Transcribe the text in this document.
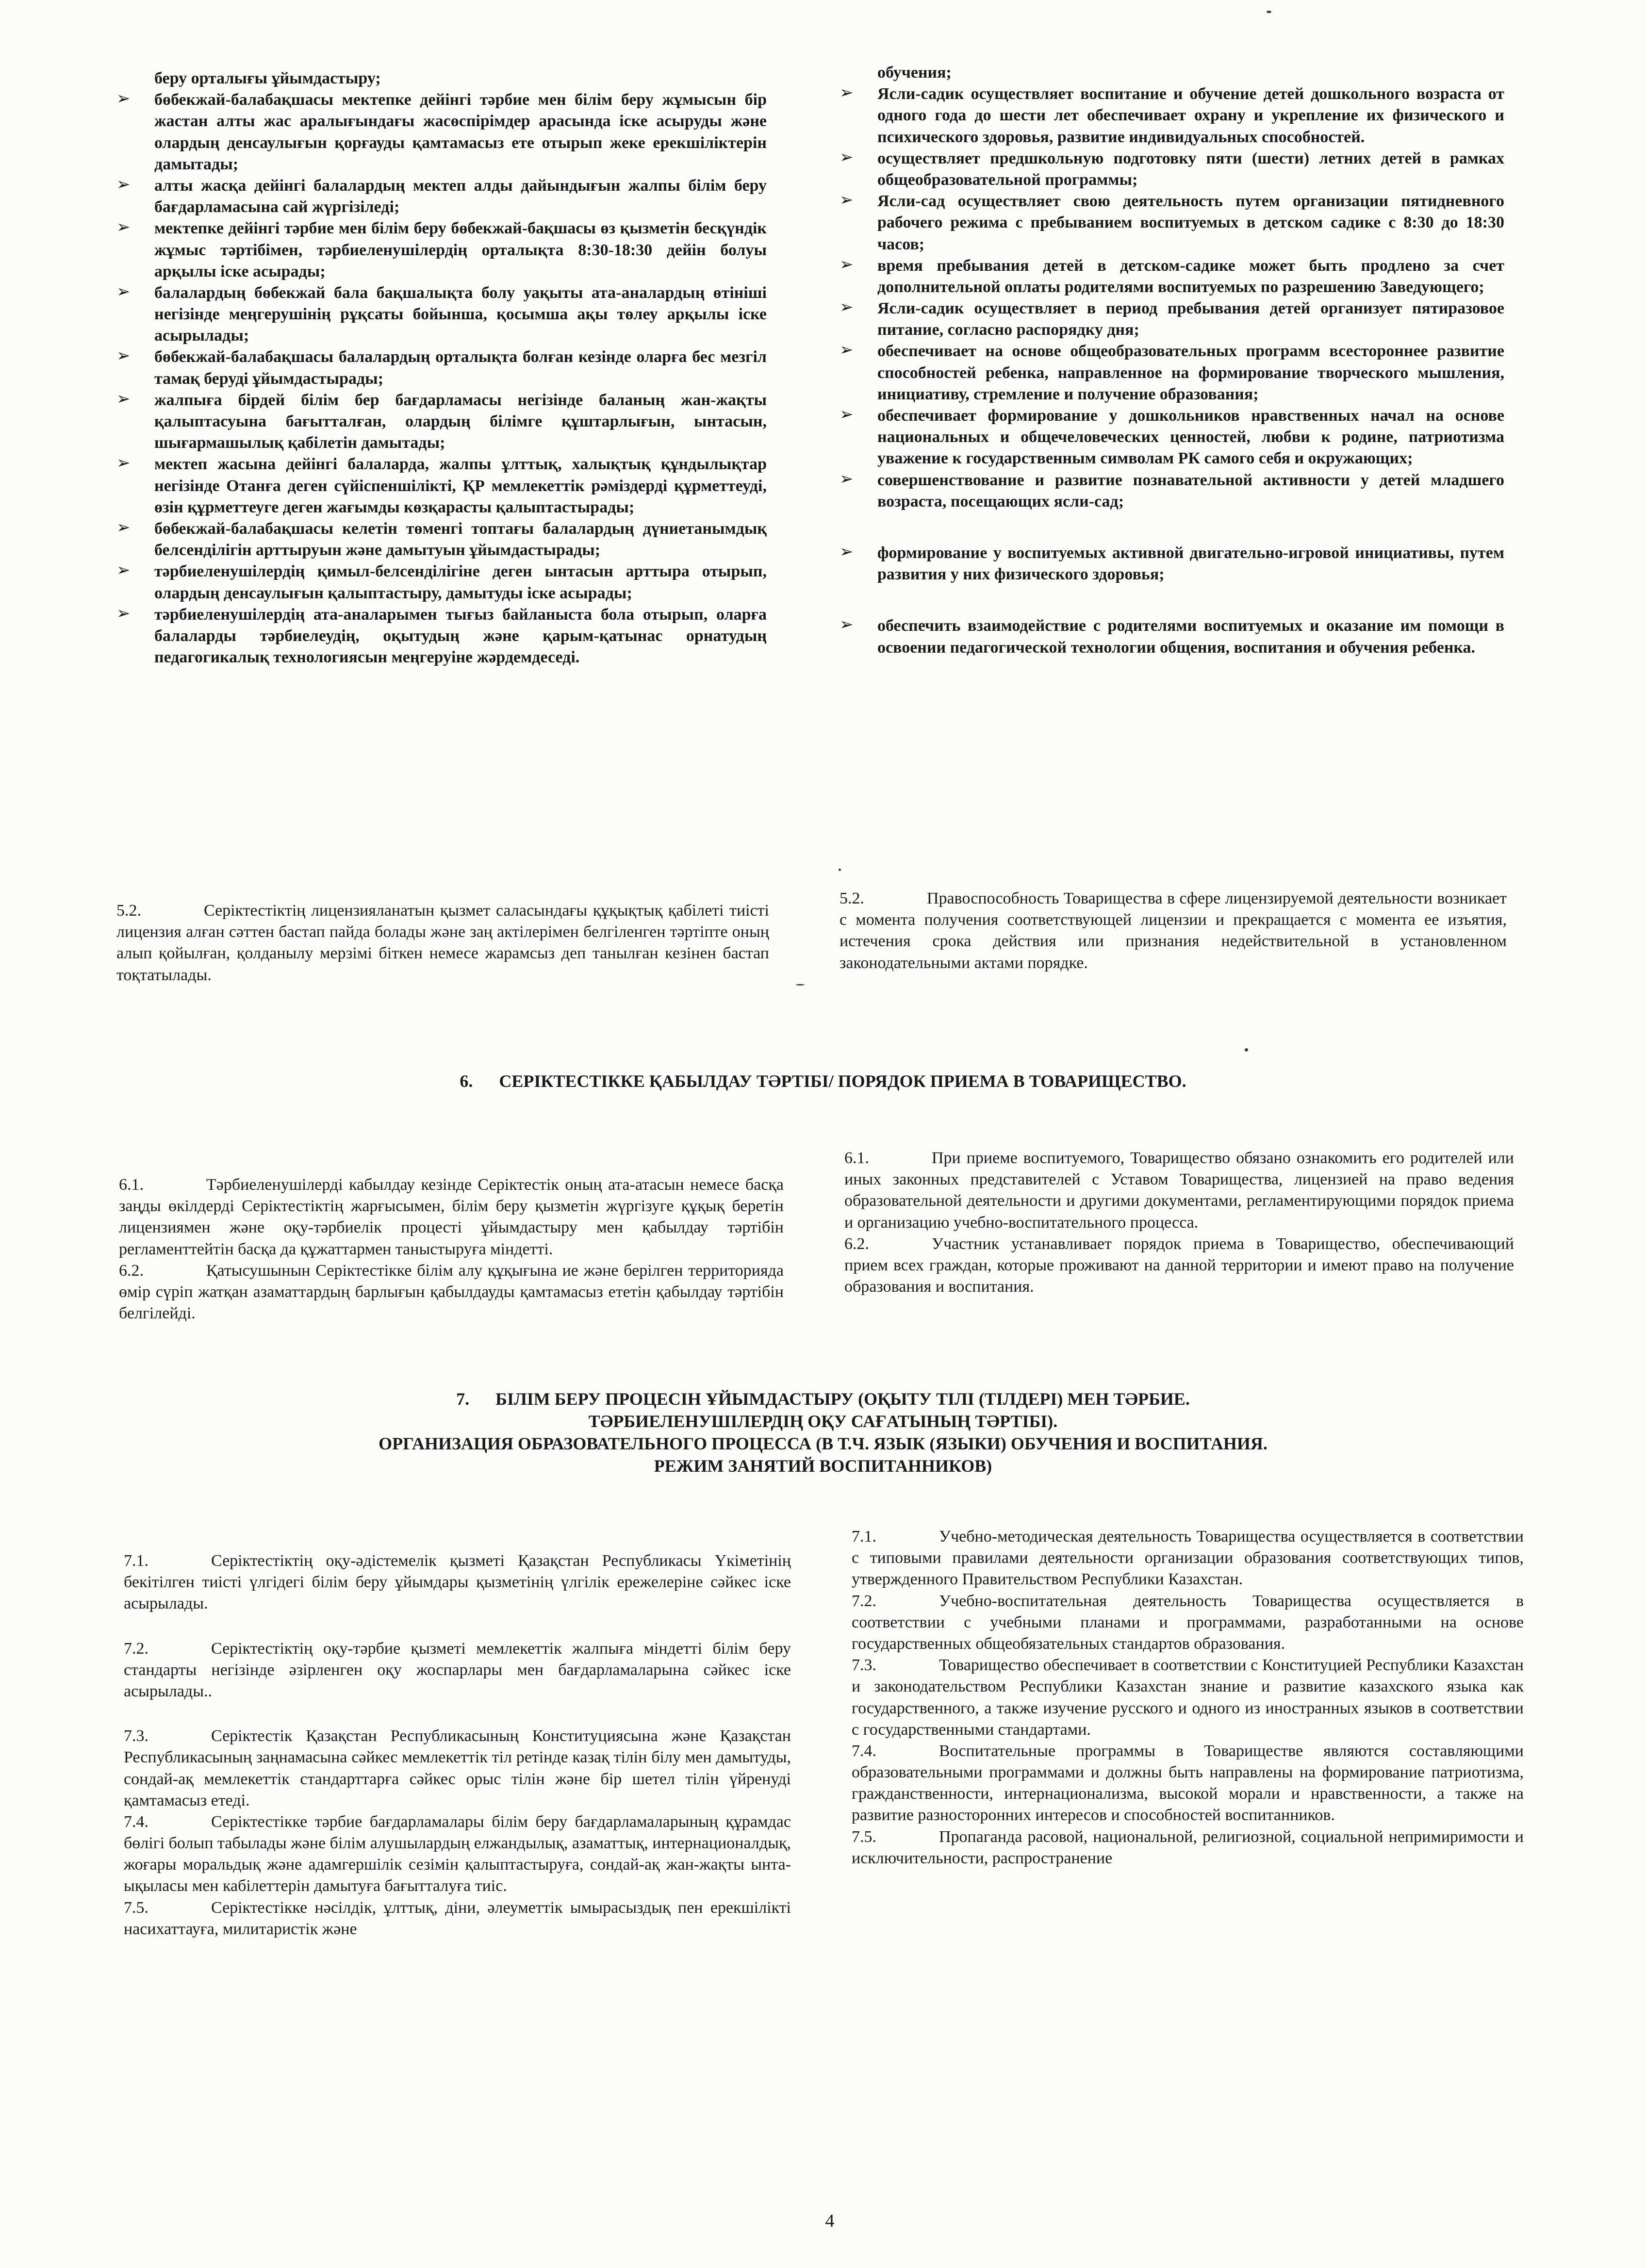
беру орталығы ұйымдастыру;
➢ бөбекжай-балабақшасы мектепке дейінгі тәрбие мен білім беру жұмысын бір жастан алты жас аралығындағы жасөспірімдер арасында іске асыруды және олардың денсаулығын қорғауды қамтамасыз ете отырып жеке ерекшіліктерін дамытады;
➢ алты жасқа дейінгі балалардың мектеп алды дайындығын жалпы білім беру бағдарламасына сай жүргізіледі;
➢ мектепке дейінгі тәрбие мен білім беру бөбекжай-бақшасы өз қызметін бесқүндік жұмыс тәртібімен, тәрбиеленушілердің орталықта 8:30-18:30 дейін болуы арқылы іске асырады;
➢ балалардың бөбекжай бала бақшалықта болу уақыты ата-аналардың өтініші негізінде меңгерушінің рұқсаты бойынша, қосымша ақы төлеу арқылы іске асырылады;
➢ бөбекжай-балабақшасы балалардың орталықта болған кезінде оларға бес мезгіл тамақ беруді ұйымдастырады;
➢ жалпыға бірдей білім бер бағдарламасы негізінде баланың жан-жақты қалыптасуына бағытталған, олардың білімге құштарлығын, ынтасын, шығармашылық қабілетін дамытады;
➢ мектеп жасына дейінгі балаларда, жалпы ұлттық, халықтық құндылықтар негізінде Отанға деген сүйіспеншілікті, ҚР мемлекеттік рәміздерді құрметтеуді, өзін құрметтеуге деген жағымды көзқарасты қалыптастырады;
➢ бөбекжай-балабақшасы келетін төменгі топтағы балалардың дүниетанымдық белсенділігін арттыруын және дамытуын ұйымдастырады;
➢ тәрбиеленушілердің қимыл-белсенділігіне деген ынтасын арттыра отырып, олардың денсаулығын қалыптастыру, дамытуды іске асырады;
➢ тәрбиеленушілердің ата-аналарымен тығыз байланыста бола отырып, оларға балаларды тәрбиелеудің, оқытудың және қарым-қатынас орнатудың педагогикалық технологиясын меңгеруіне жәрдемдеседі.

5.2.	Серіктестіктің лицензияланатын қызмет саласындағы құқықтық қабілеті тиісті лицензия алған сәттен бастап пайда болады және заң актілерімен белгіленген тәртіпте оның алып қойылған, қолданылу мерзімі біткен немесе жарамсыз деп танылған кезінен бастап тоқтатылады.

обучения;
➢ Ясли-садик осуществляет воспитание и обучение детей дошкольного возраста от одного года до шести лет обеспечивает охрану и укрепление их физического и психического здоровья, развитие индивидуальных способностей.
➢ осуществляет предшкольную подготовку пяти (шести) летних детей в рамках общеобразовательной программы;
➢ Ясли-сад осуществляет свою деятельность путем организации пятидневного рабочего режима с пребыванием воспитуемых в детском садике с 8:30 до 18:30 часов;
➢ время пребывания детей в детском-садике может быть продлено за счет дополнительной оплаты родителями воспитуемых по разрешению Заведующего;
➢ Ясли-садик осуществляет в период пребывания детей организует пятиразовое питание, согласно распорядку дня;
➢ обеспечивает на основе общеобразовательных программ всестороннее развитие способностей ребенка, направленное на формирование творческого мышления, инициативу, стремление и получение образования;
➢ обеспечивает формирование у дошкольников нравственных начал на основе национальных и общечеловеческих ценностей, любви к родине, патриотизма уважение к государственным символам РК самого себя и окружающих;
➢ совершенствование и развитие познавательной активности у детей младшего возраста, посещающих ясли-сад;
➢ формирование у воспитуемых активной двигательно-игровой инициативы, путем развития у них физического здоровья;
➢ обеспечить взаимодействие с родителями воспитуемых и оказание им помощи в освоении педагогической технологии общения, воспитания и обучения ребенка.

5.2.	Правоспособность Товарищества в сфере лицензируемой деятельности возникает с момента получения соответствующей лицензии и прекращается с момента ее изъятия, истечения срока действия или признания недействительной в установленном законодательными актами порядке.

6. СЕРІКТЕСТІККЕ ҚАБЫЛДАУ ТӘРТІБІ/ ПОРЯДОК ПРИЕМА В ТОВАРИЩЕСТВО.

6.1.	Тәрбиеленушілерді кабылдау кезінде Серіктестік оның ата-атасын немесе басқа заңды өкілдерді Серіктестіктің жарғысымен, білім беру қызметін жүргізуге құқық беретін лицензиямен және оқу-тәрбиелік процесті ұйымдастыру мен қабылдау тәртібін регламенттейтін басқа да құжаттармен таныстыруға міндетті.

6.2.	Қатысушынын Серіктестікке білім алу құқығына ие және берілген территорияда өмір сүріп жатқан азаматтардың барлығын қабылдауды қамтамасыз ететін қабылдау тәртібін белгілейді.

6.1.	При приеме воспитуемого, Товарищество обязано ознакомить его родителей или иных законных представителей с Уставом Товарищества, лицензией на право ведения образовательной деятельности и другими документами, регламентирующими порядок приема и организацию учебно-воспитательного процесса.

6.2.	Участник устанавливает порядок приема в Товарищество, обеспечивающий прием всех граждан, которые проживают на данной территории и имеют право на получение образования и воспитания.

7. БІЛІМ БЕРУ ПРОЦЕСІН ҰЙЫМДАСТЫРУ (ОҚЫТУ ТІЛІ (ТІЛДЕРІ) МЕН ТӘРБИЕ.
ТӘРБИЕЛЕНУШІЛЕРДІҢ ОҚУ САҒАТЫНЫҢ ТӘРТІБІ).
ОРГАНИЗАЦИЯ ОБРАЗОВАТЕЛЬНОГО ПРОЦЕССА (В Т.Ч. ЯЗЫК (ЯЗЫКИ) ОБУЧЕНИЯ И ВОСПИТАНИЯ.
РЕЖИМ ЗАНЯТИЙ ВОСПИТАННИКОВ)

7.1.	Серіктестіктің оқу-әдістемелік қызметі Қазақстан Республикасы Үкіметінің бекітілген тиісті үлгідегі білім беру ұйымдары қызметінің үлгілік ережелеріне сәйкес іске асырылады.

7.2.	Серіктестіктің оқу-тәрбие қызметі мемлекеттік жалпыға міндетті білім беру стандарты негізінде әзірленген оқу жоспарлары мен бағдарламаларына сәйкес іске асырылады..

7.3.	Серіктестік Қазақстан Республикасының Конституциясына және Қазақстан Республикасының заңнамасына сәйкес мемлекеттік тіл ретінде казақ тілін білу мен дамытуды, сондай-ақ мемлекеттік стандарттарға сәйкес орыс тілін және бір шетел тілін үйренуді қамтамасыз етеді.

7.4.	Серіктестікке тәрбие бағдарламалары білім беру бағдарламаларының құрамдас бөлігі болып табылады және білім алушылардың елжандылық, азаматтық, интернационалдық, жоғары моральдық және адамгершілік сезімін қалыптастыруға, сондай-ақ жан-жақты ынта-ықыласы мен кабілеттерін дамытуға бағытталуға тиіс.

7.5.	Серіктестікке нәсілдік, ұлттық, діни, әлеуметтік ымырасыздық пен ерекшілікті насихаттауға, милитаристік және

7.1.	Учебно-методическая деятельность Товарищества осуществляется в соответствии с типовыми правилами деятельности организации образования соответствующих типов, утвержденного Правительством Республики Казахстан.

7.2.	Учебно-воспитательная деятельность Товарищества осуществляется в соответствии с учебными планами и программами, разработанными на основе государственных общеобязательных стандартов образования.

7.3.	Товарищество обеспечивает в соответствии с Конституцией Республики Казахстан и законодательством Республики Казахстан знание и развитие казахского языка как государственного, а также изучение русского и одного из иностранных языков в соответствии с государственными стандартами.

7.4.	Воспитательные программы в Товариществе являются составляющими образовательными программами и должны быть направлены на формирование патриотизма, гражданственности, интернационализма, высокой морали и нравственности, а также на развитие разносторонних интересов и способностей воспитанников.

7.5.	Пропаганда расовой, национальной, религиозной, социальной непримиримости и исключительности, распространение

4
